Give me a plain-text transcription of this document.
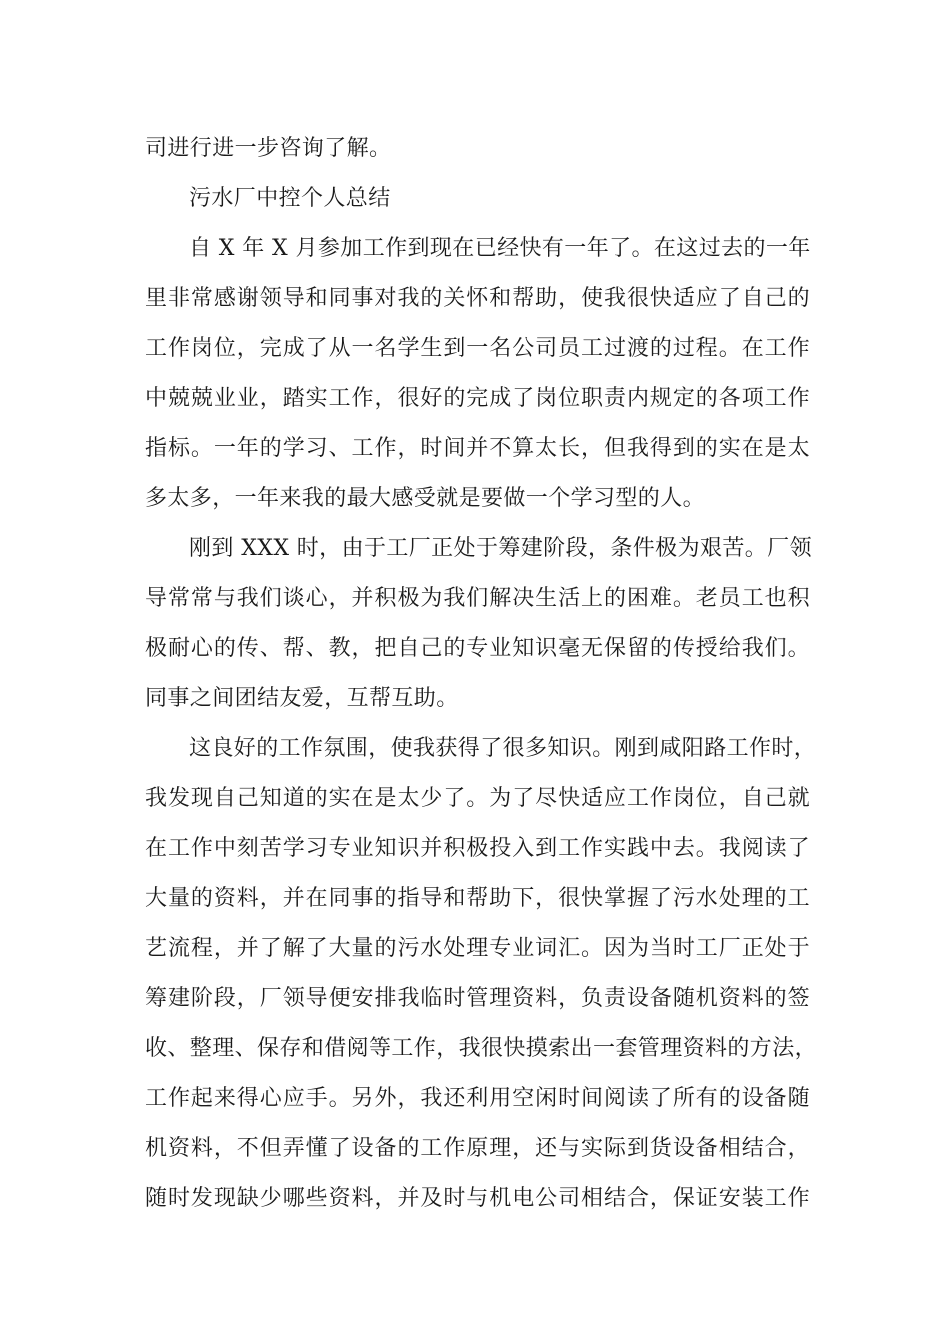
司进行进一步咨询了解。
污水厂中控个人总结
自 X 年 X 月参加工作到现在已经快有一年了。在这过去的一年
里非常感谢领导和同事对我的关怀和帮助，使我很快适应了自己的
工作岗位，完成了从一名学生到一名公司员工过渡的过程。在工作
中兢兢业业，踏实工作，很好的完成了岗位职责内规定的各项工作
指标。一年的学习、工作，时间并不算太长，但我得到的实在是太
多太多，一年来我的最大感受就是要做一个学习型的人。
刚到 XXX 时，由于工厂正处于筹建阶段，条件极为艰苦。厂领
导常常与我们谈心，并积极为我们解决生活上的困难。老员工也积
极耐心的传、帮、教，把自己的专业知识毫无保留的传授给我们。
同事之间团结友爱，互帮互助。
这良好的工作氛围，使我获得了很多知识。刚到咸阳路工作时，
我发现自己知道的实在是太少了。为了尽快适应工作岗位，自己就
在工作中刻苦学习专业知识并积极投入到工作实践中去。我阅读了
大量的资料，并在同事的指导和帮助下，很快掌握了污水处理的工
艺流程，并了解了大量的污水处理专业词汇。因为当时工厂正处于
筹建阶段，厂领导便安排我临时管理资料，负责设备随机资料的签
收、整理、保存和借阅等工作，我很快摸索出一套管理资料的方法，
工作起来得心应手。另外，我还利用空闲时间阅读了所有的设备随
机资料，不但弄懂了设备的工作原理，还与实际到货设备相结合，
随时发现缺少哪些资料，并及时与机电公司相结合，保证安装工作
